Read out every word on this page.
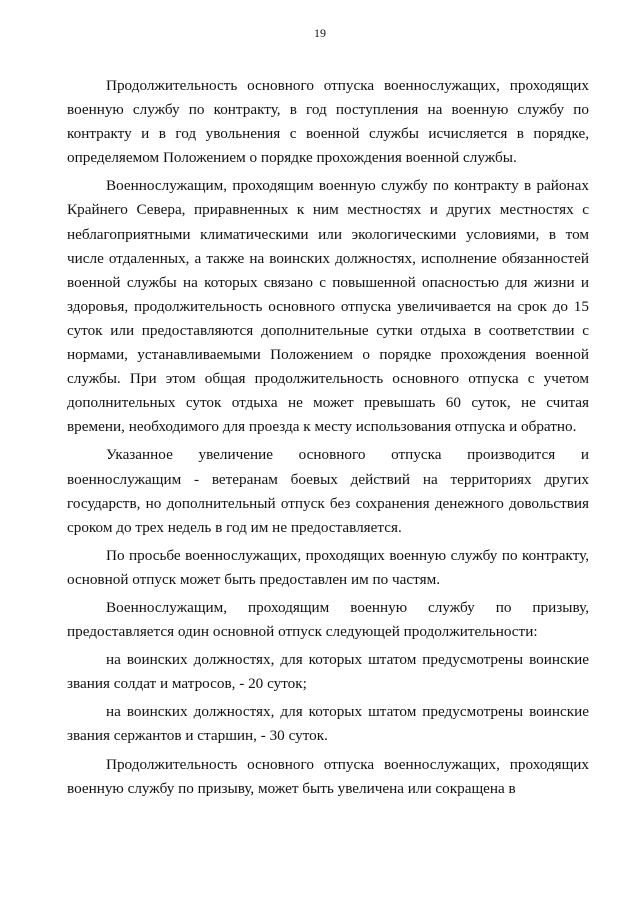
19

Продолжительность основного отпуска военнослужащих, проходящих военную службу по контракту, в год поступления на военную службу по контракту и в год увольнения с военной службы исчисляется в порядке, определяемом Положением о порядке прохождения военной службы.

Военнослужащим, проходящим военную службу по контракту в районах Крайнего Севера, приравненных к ним местностях и других местностях с неблагоприятными климатическими или экологическими условиями, в том числе отдаленных, а также на воинских должностях, исполнение обязанностей военной службы на которых связано с повышенной опасностью для жизни и здоровья, продолжительность основного отпуска увеличивается на срок до 15 суток или предоставляются дополнительные сутки отдыха в соответствии с нормами, устанавливаемыми Положением о порядке прохождения военной службы. При этом общая продолжительность основного отпуска с учетом дополнительных суток отдыха не может превышать 60 суток, не считая времени, необходимого для проезда к месту использования отпуска и обратно.

Указанное увеличение основного отпуска производится и военнослужащим - ветеранам боевых действий на территориях других государств, но дополнительный отпуск без сохранения денежного довольствия сроком до трех недель в год им не предоставляется.

По просьбе военнослужащих, проходящих военную службу по контракту, основной отпуск может быть предоставлен им по частям.

Военнослужащим, проходящим военную службу по призыву, предоставляется один основной отпуск следующей продолжительности:

на воинских должностях, для которых штатом предусмотрены воинские звания солдат и матросов, - 20 суток;

на воинских должностях, для которых штатом предусмотрены воинские звания сержантов и старшин, - 30 суток.

Продолжительность основного отпуска военнослужащих, проходящих военную службу по призыву, может быть увеличена или сокращена в
